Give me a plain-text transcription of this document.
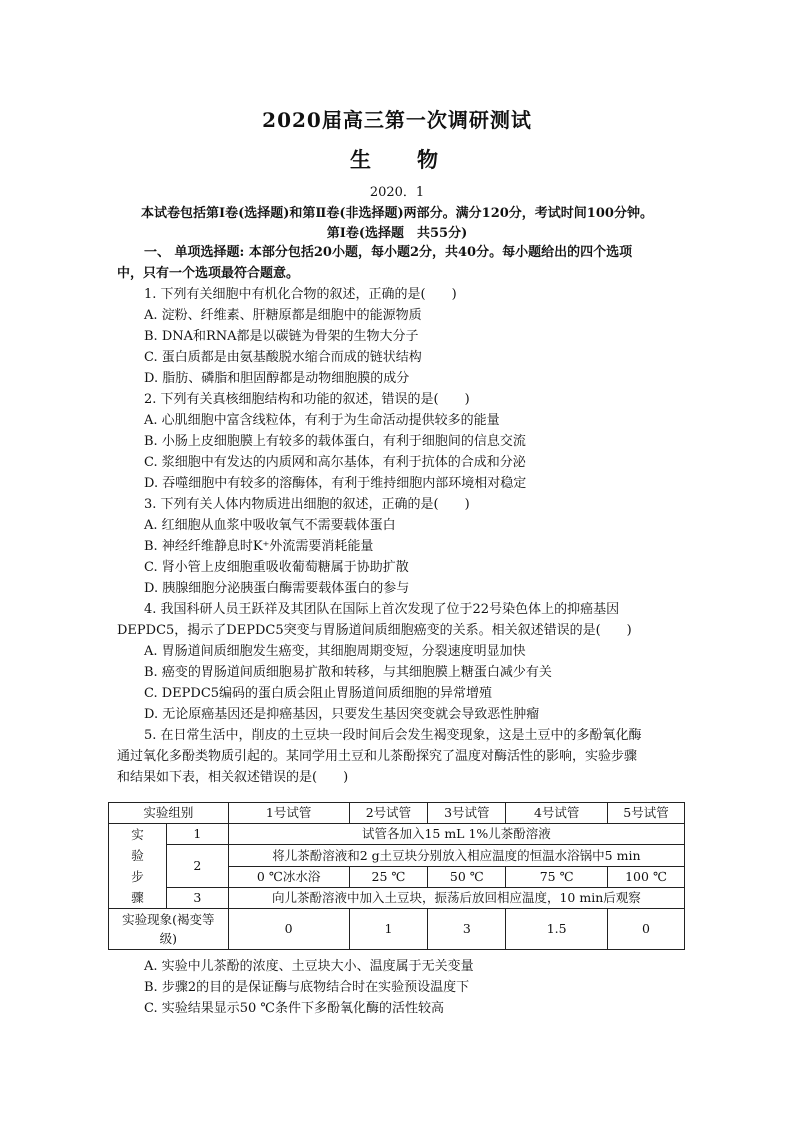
2020届高三第一次调研测试
生物
2020．1
本试卷包括第Ⅰ卷(选择题)和第Ⅱ卷(非选择题)两部分。满分120分，考试时间100分钟。
第Ⅰ卷(选择题　共55分)

一、 单项选择题: 本部分包括20小题，每小题2分，共40分。每小题给出的四个选项

中，只有一个选项最符合题意。

1. 下列有关细胞中有机化合物的叙述，正确的是(　　)

A. 淀粉、纤维素、肝糖原都是细胞中的能源物质

B. DNA和RNA都是以碳链为骨架的生物大分子

C. 蛋白质都是由氨基酸脱水缩合而成的链状结构

D. 脂肪、磷脂和胆固醇都是动物细胞膜的成分

2. 下列有关真核细胞结构和功能的叙述，错误的是(　　)

A. 心肌细胞中富含线粒体，有利于为生命活动提供较多的能量

B. 小肠上皮细胞膜上有较多的载体蛋白，有利于细胞间的信息交流

C. 浆细胞中有发达的内质网和高尔基体，有利于抗体的合成和分泌

D. 吞噬细胞中有较多的溶酶体，有利于维持细胞内部环境相对稳定

3. 下列有关人体内物质进出细胞的叙述，正确的是(　　)

A. 红细胞从血浆中吸收氧气不需要载体蛋白

B. 神经纤维静息时K⁺外流需要消耗能量

C. 肾小管上皮细胞重吸收葡萄糖属于协助扩散

D. 胰腺细胞分泌胰蛋白酶需要载体蛋白的参与

4. 我国科研人员王跃祥及其团队在国际上首次发现了位于22号染色体上的抑癌基因

DEPDC5，揭示了DEPDC5突变与胃肠道间质细胞癌变的关系。相关叙述错误的是(　　)

A. 胃肠道间质细胞发生癌变，其细胞周期变短，分裂速度明显加快

B. 癌变的胃肠道间质细胞易扩散和转移，与其细胞膜上糖蛋白减少有关

C. DEPDC5编码的蛋白质会阻止胃肠道间质细胞的异常增殖

D. 无论原癌基因还是抑癌基因，只要发生基因突变就会导致恶性肿瘤

5. 在日常生活中，削皮的土豆块一段时间后会发生褐变现象，这是土豆中的多酚氧化酶

通过氧化多酚类物质引起的。某同学用土豆和儿茶酚探究了温度对酶活性的影响，实验步骤

和结果如下表，相关叙述错误的是(　　)

实验组别		1号试管	2号试管	3号试管	4号试管	5号试管
实
验
步
骤	1	试管各加入15 mL 1%儿茶酚溶液				
	2	将儿茶酚溶液和2 g土豆块分别放入相应温度的恒温水浴锅中5 min				
		0 ℃冰水浴	25 ℃	50 ℃	75 ℃	100 ℃
	3	向儿茶酚溶液中加入土豆块，振荡后放回相应温度，10 min后观察				
实验现象(褐变等
级)		0	1	3	1.5	0

A. 实验中儿茶酚的浓度、土豆块大小、温度属于无关变量

B. 步骤2的目的是保证酶与底物结合时在实验预设温度下

C. 实验结果显示50 ℃条件下多酚氧化酶的活性较高
